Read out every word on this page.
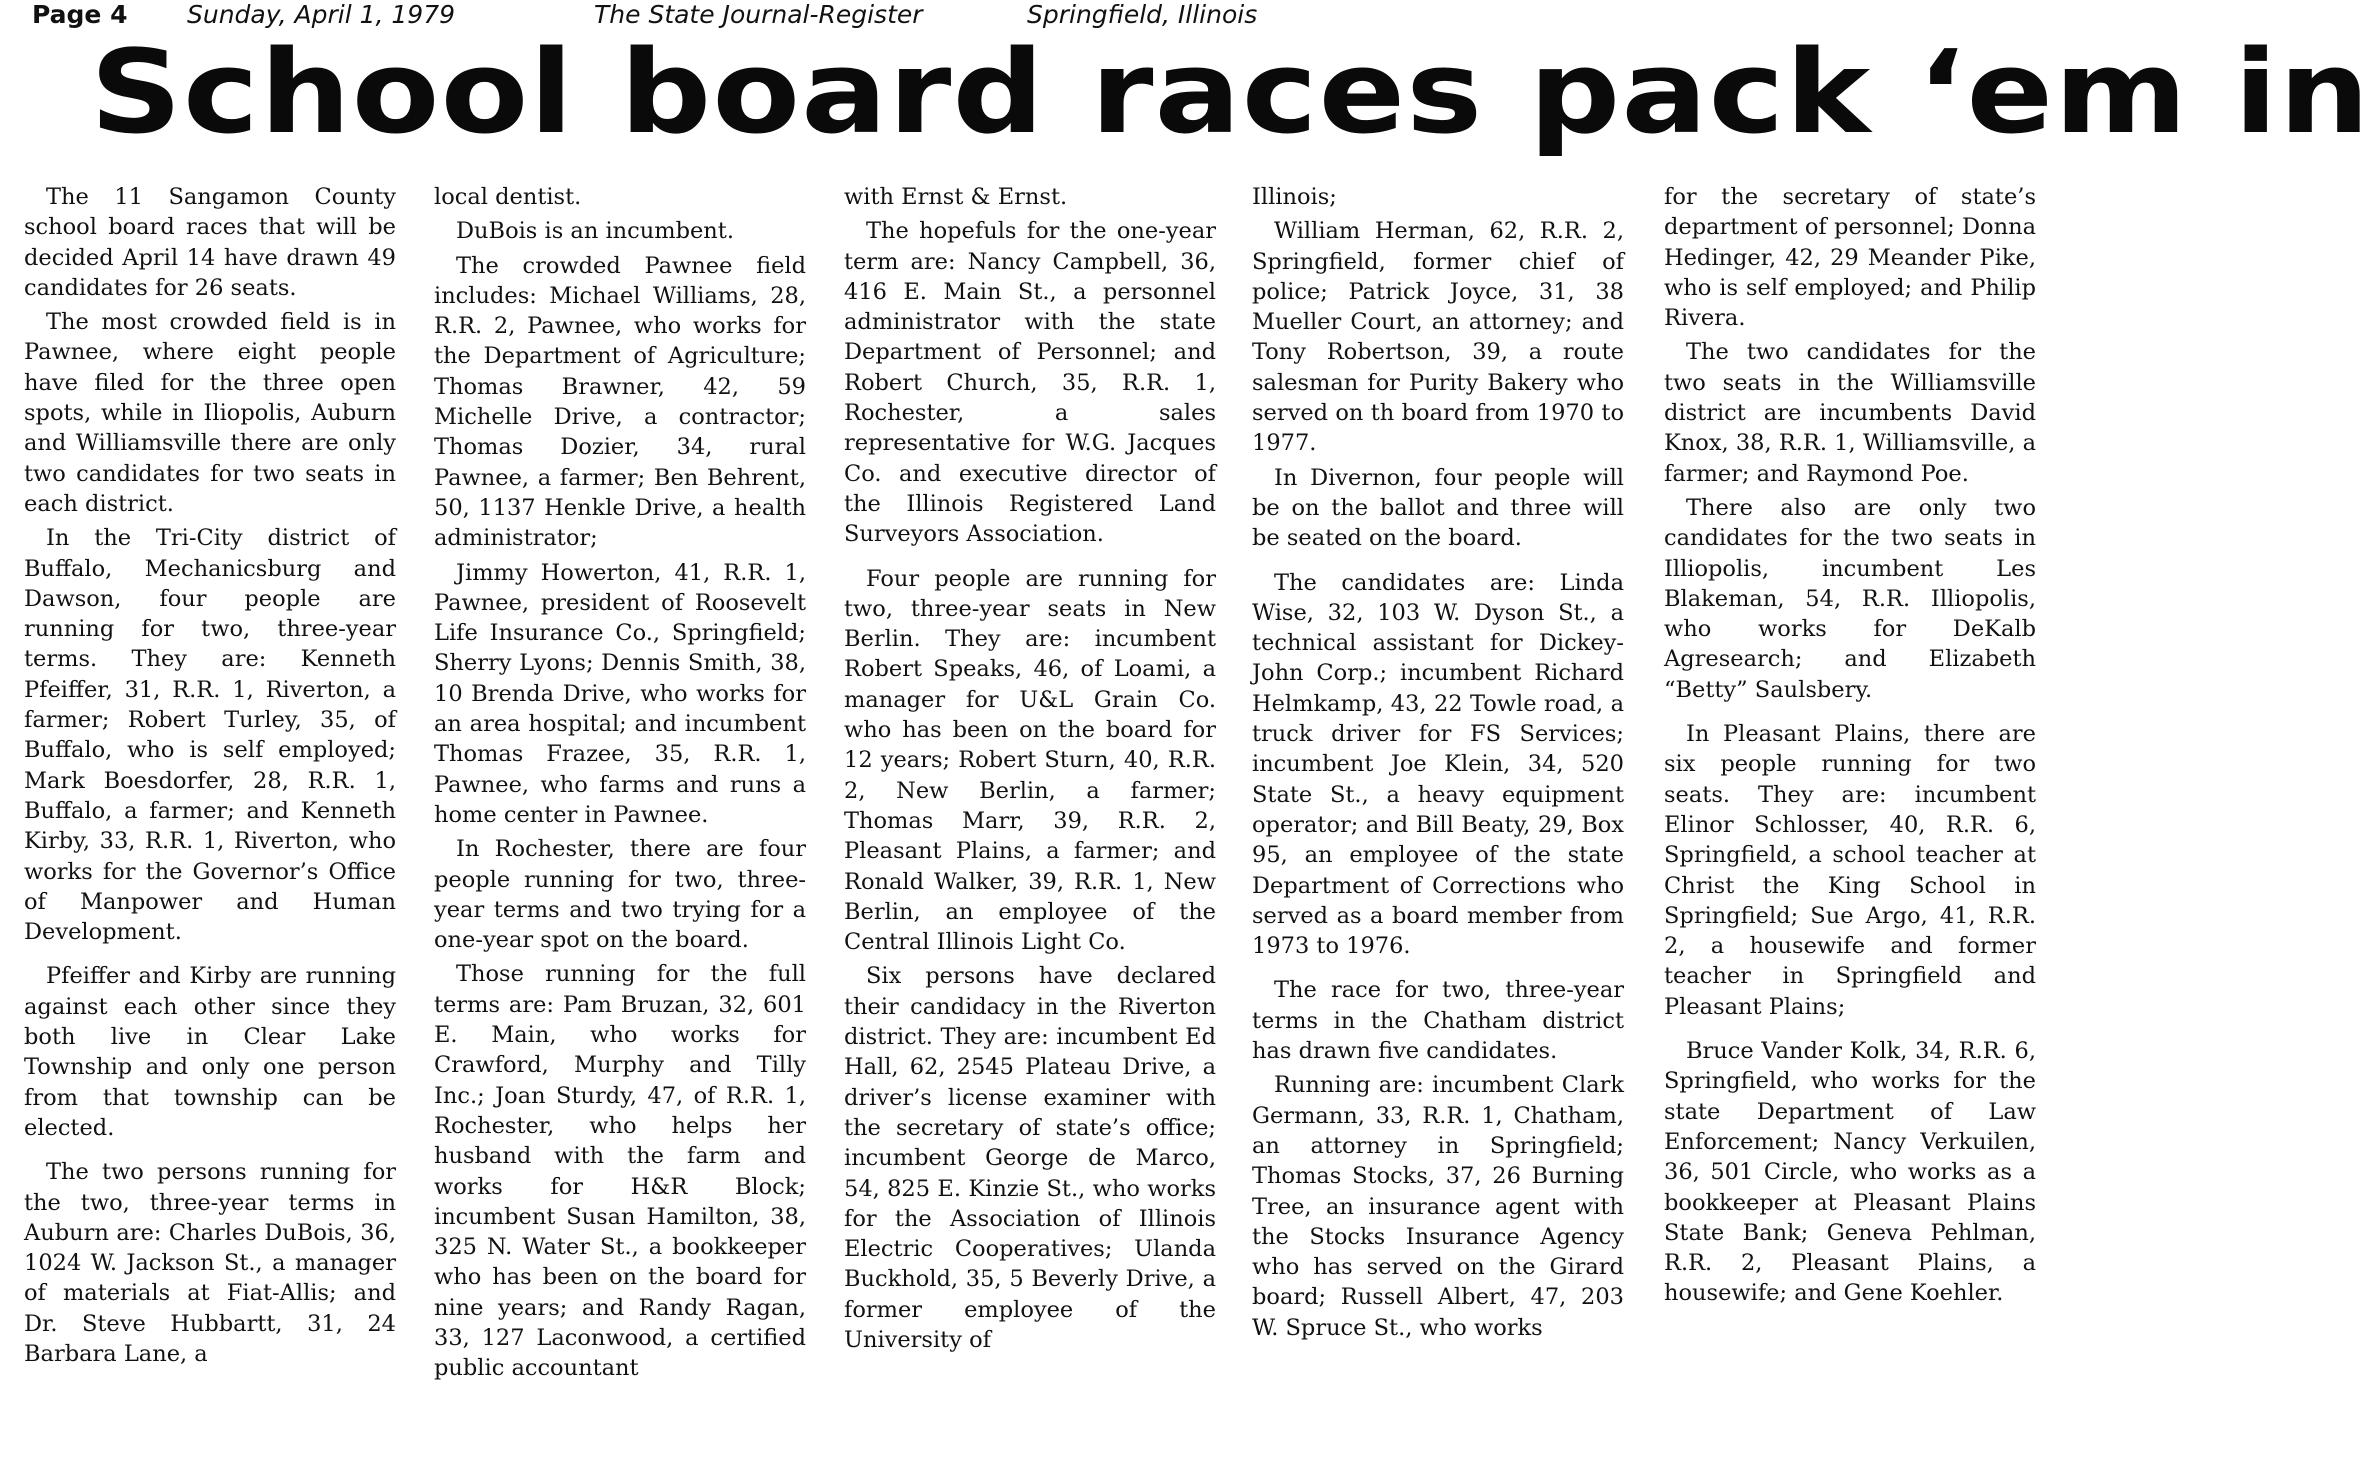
Page 4 Sunday, April 1, 1979	The State Journal-Register	Springfield, Illinois
School board races pack ‘em in

The 11 Sangamon County school board races that will be decided April 14 have drawn 49 candidates for 26 seats.

The most crowded field is in Pawnee, where eight people have filed for the three open spots, while in Iliopolis, Auburn and Williamsville there are only two candidates for two seats in each district.

In the Tri-City district of Buffalo, Mechanicsburg and Dawson, four people are running for two, three-year terms. They are: Kenneth Pfeiffer, 31, R.R. 1, Riverton, a farmer; Robert Turley, 35, of Buffalo, who is self employed; Mark Boesdorfer, 28, R.R. 1, Buffalo, a farmer; and Kenneth Kirby, 33, R.R. 1, Riverton, who works for the Governor’s Office of Manpower and Human Development.

Pfeiffer and Kirby are running against each other since they both live in Clear Lake Township and only one person from that township can be elected.

The two persons running for the two, three-year terms in Auburn are: Charles DuBois, 36, 1024 W. Jackson St., a manager of materials at Fiat-Allis; and Dr. Steve Hubbartt, 31, 24 Barbara Lane, a

local dentist.

DuBois is an incumbent.

The crowded Pawnee field includes: Michael Williams, 28, R.R. 2, Pawnee, who works for the Department of Agriculture; Thomas Brawner, 42, 59 Michelle Drive, a contractor; Thomas Dozier, 34, rural Pawnee, a farmer; Ben Behrent, 50, 1137 Henkle Drive, a health administrator;

Jimmy Howerton, 41, R.R. 1, Pawnee, president of Roosevelt Life Insurance Co., Springfield; Sherry Lyons; Dennis Smith, 38, 10 Brenda Drive, who works for an area hospital; and incumbent Thomas Frazee, 35, R.R. 1, Pawnee, who farms and runs a home center in Pawnee.

In Rochester, there are four people running for two, three-year terms and two trying for a one-year spot on the board.

Those running for the full terms are: Pam Bruzan, 32, 601 E. Main, who works for Crawford, Murphy and Tilly Inc.; Joan Sturdy, 47, of R.R. 1, Rochester, who helps her husband with the farm and works for H&R Block; incumbent Susan Hamilton, 38, 325 N. Water St., a bookkeeper who has been on the board for nine years; and Randy Ragan, 33, 127 Laconwood, a certified public accountant

with Ernst & Ernst.

The hopefuls for the one-year term are: Nancy Campbell, 36, 416 E. Main St., a personnel administrator with the state Department of Personnel; and Robert Church, 35, R.R. 1, Rochester, a sales representative for W.G. Jacques Co. and executive director of the Illinois Registered Land Surveyors Association.

Four people are running for two, three-year seats in New Berlin. They are: incumbent Robert Speaks, 46, of Loami, a manager for U&L Grain Co. who has been on the board for 12 years; Robert Sturn, 40, R.R. 2, New Berlin, a farmer; Thomas Marr, 39, R.R. 2, Pleasant Plains, a farmer; and Ronald Walker, 39, R.R. 1, New Berlin, an employee of the Central Illinois Light Co.

Six persons have declared their candidacy in the Riverton district. They are: incumbent Ed Hall, 62, 2545 Plateau Drive, a driver’s license examiner with the secretary of state’s office; incumbent George de Marco, 54, 825 E. Kinzie St., who works for the Association of Illinois Electric Cooperatives; Ulanda Buckhold, 35, 5 Beverly Drive, a former employee of the University of

Illinois;

William Herman, 62, R.R. 2, Springfield, former chief of police; Patrick Joyce, 31, 38 Mueller Court, an attorney; and Tony Robertson, 39, a route salesman for Purity Bakery who served on th board from 1970 to 1977.

In Divernon, four people will be on the ballot and three will be seated on the board.

The candidates are: Linda Wise, 32, 103 W. Dyson St., a technical assistant for Dickey-John Corp.; incumbent Richard Helmkamp, 43, 22 Towle road, a truck driver for FS Services; incumbent Joe Klein, 34, 520 State St., a heavy equipment operator; and Bill Beaty, 29, Box 95, an employee of the state Department of Corrections who served as a board member from 1973 to 1976.

The race for two, three-year terms in the Chatham district has drawn five candidates.

Running are: incumbent Clark Germann, 33, R.R. 1, Chatham, an attorney in Springfield; Thomas Stocks, 37, 26 Burning Tree, an insurance agent with the Stocks Insurance Agency who has served on the Girard board; Russell Albert, 47, 203 W. Spruce St., who works

for the secretary of state’s department of personnel; Donna Hedinger, 42, 29 Meander Pike, who is self employed; and Philip Rivera.

The two candidates for the two seats in the Williamsville district are incumbents David Knox, 38, R.R. 1, Williamsville, a farmer; and Raymond Poe.

There also are only two candidates for the two seats in Illiopolis, incumbent Les Blakeman, 54, R.R. Illiopolis, who works for DeKalb Agresearch; and Elizabeth “Betty” Saulsbery.

In Pleasant Plains, there are six people running for two seats. They are: incumbent Elinor Schlosser, 40, R.R. 6, Springfield, a school teacher at Christ the King School in Springfield; Sue Argo, 41, R.R. 2, a housewife and former teacher in Springfield and Pleasant Plains;

Bruce Vander Kolk, 34, R.R. 6, Springfield, who works for the state Department of Law Enforcement; Nancy Verkuilen, 36, 501 Circle, who works as a bookkeeper at Pleasant Plains State Bank; Geneva Pehlman, R.R. 2, Pleasant Plains, a housewife; and Gene Koehler.
